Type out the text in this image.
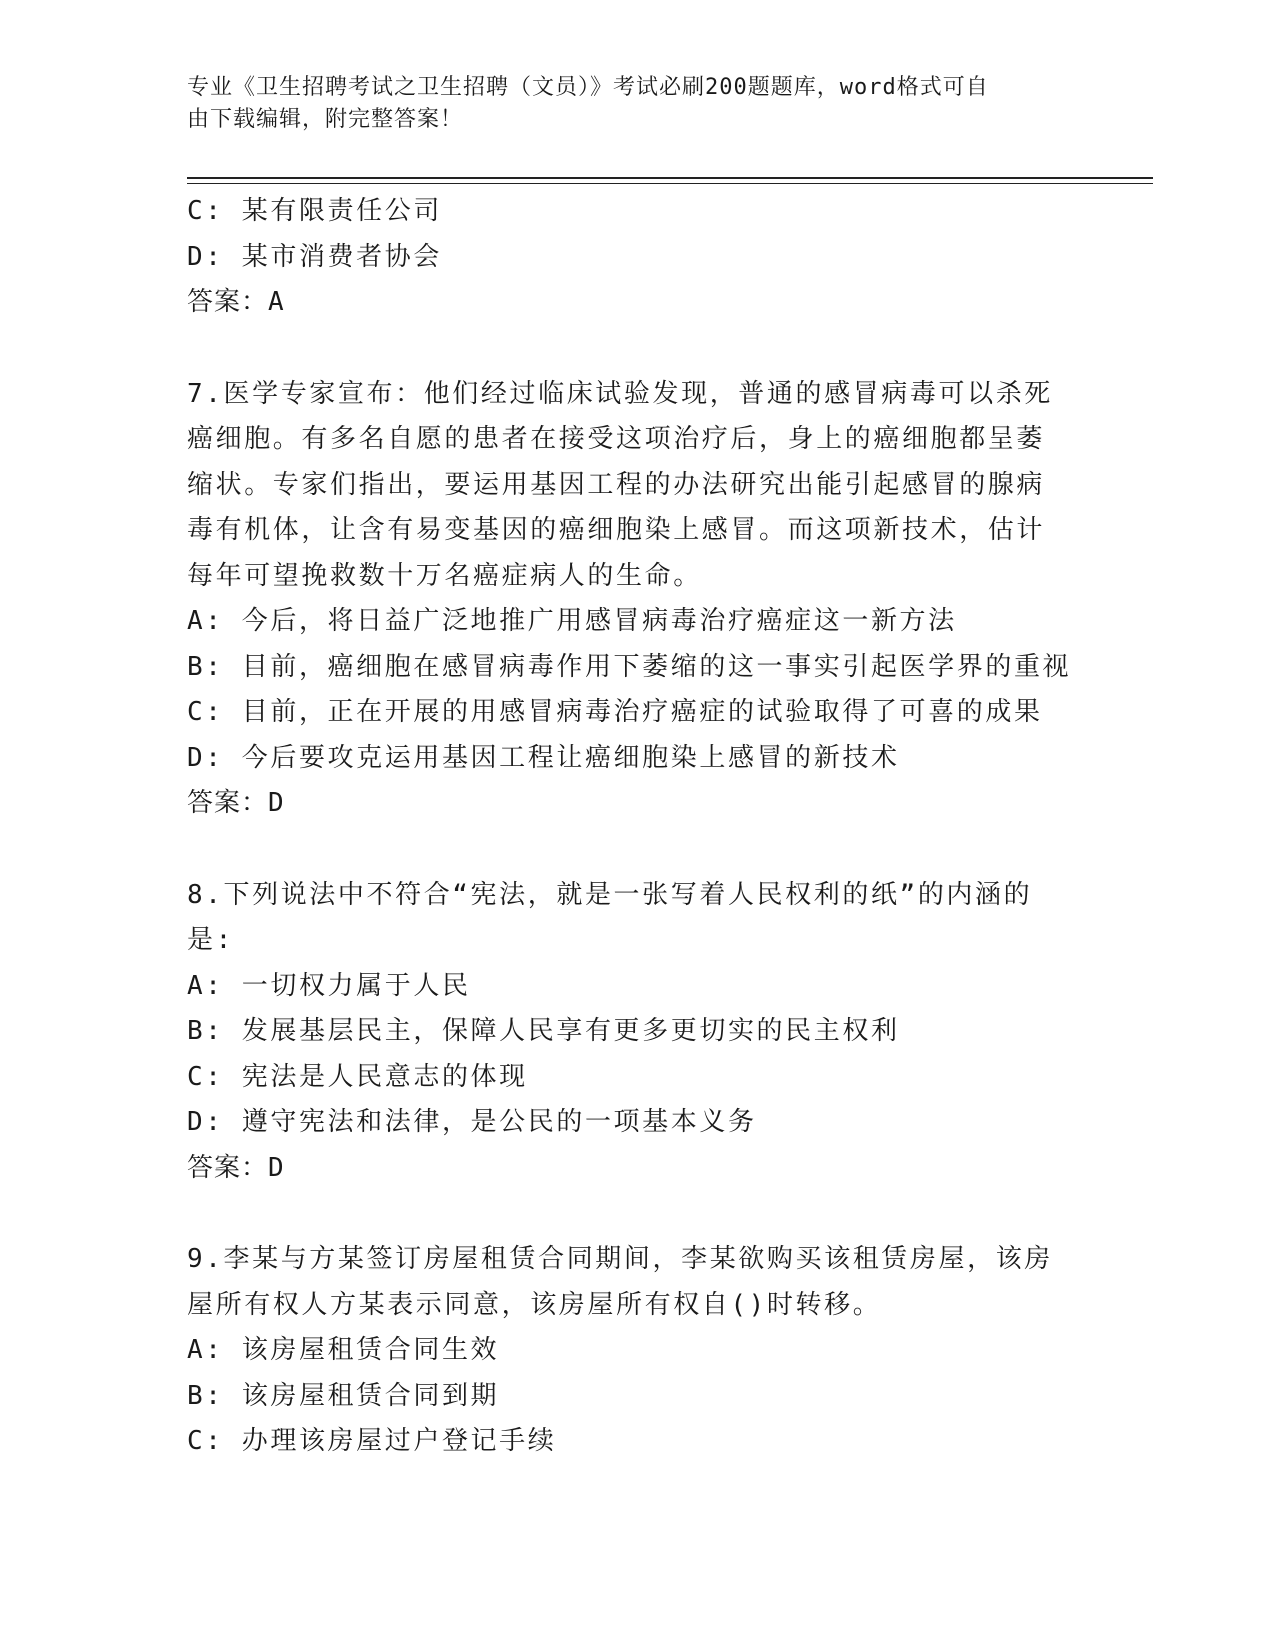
专业《卫生招聘考试之卫生招聘（文员）》考试必刷200题题库，word格式可自
由下载编辑，附完整答案！
C: 某有限责任公司
D: 某市消费者协会
答案：A
7.医学专家宣布：他们经过临床试验发现，普通的感冒病毒可以杀死
癌细胞。有多名自愿的患者在接受这项治疗后，身上的癌细胞都呈萎
缩状。专家们指出，要运用基因工程的办法研究出能引起感冒的腺病
毒有机体，让含有易变基因的癌细胞染上感冒。而这项新技术，估计
每年可望挽救数十万名癌症病人的生命。
A: 今后，将日益广泛地推广用感冒病毒治疗癌症这一新方法
B: 目前，癌细胞在感冒病毒作用下萎缩的这一事实引起医学界的重视
C: 目前，正在开展的用感冒病毒治疗癌症的试验取得了可喜的成果
D: 今后要攻克运用基因工程让癌细胞染上感冒的新技术
答案：D
8.下列说法中不符合“宪法，就是一张写着人民权利的纸”的内涵的
是:
A: 一切权力属于人民
B: 发展基层民主，保障人民享有更多更切实的民主权利
C: 宪法是人民意志的体现
D: 遵守宪法和法律，是公民的一项基本义务
答案：D
9.李某与方某签订房屋租赁合同期间，李某欲购买该租赁房屋，该房
屋所有权人方某表示同意，该房屋所有权自()时转移。
A: 该房屋租赁合同生效
B: 该房屋租赁合同到期
C: 办理该房屋过户登记手续
